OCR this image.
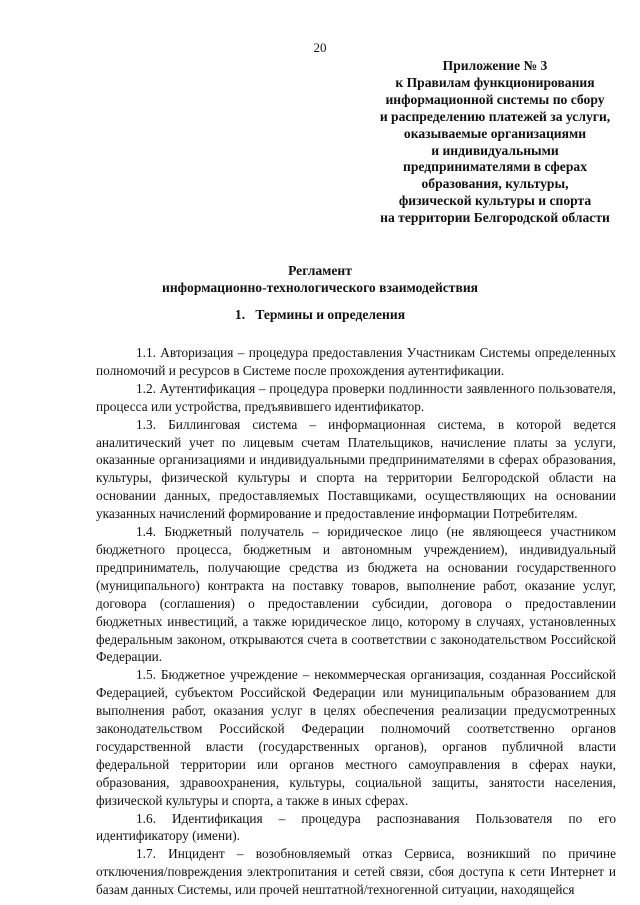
20
Приложение № 3
к Правилам функционирования
информационной системы по сбору
и распределению платежей за услуги,
оказываемые организациями
и индивидуальными
предпринимателями в сферах
образования, культуры,
физической культуры и спорта
на территории Белгородской области
Регламент
информационно-технологического взаимодействия
1. Термины и определения

1.1. Авторизация – процедура предоставления Участникам Системы определенных полномочий и ресурсов в Системе после прохождения аутентификации.

1.2. Аутентификация – процедура проверки подлинности заявленного пользователя, процесса или устройства, предъявившего идентификатор.

1.3. Биллинговая система – информационная система, в которой ведется аналитический учет по лицевым счетам Плательщиков, начисление платы за услуги, оказанные организациями и индивидуальными предпринимателями в сферах образования, культуры, физической культуры и спорта на территории Белгородской области на основании данных, предоставляемых Поставщиками, осуществляющих на основании указанных начислений формирование и предоставление информации Потребителям.

1.4. Бюджетный получатель – юридическое лицо (не являющееся участником бюджетного процесса, бюджетным и автономным учреждением), индивидуальный предприниматель, получающие средства из бюджета на основании государственного (муниципального) контракта на поставку товаров, выполнение работ, оказание услуг, договора (соглашения) о предоставлении субсидии, договора о предоставлении бюджетных инвестиций, а также юридическое лицо, которому в случаях, установленных федеральным законом, открываются счета в соответствии с законодательством Российской Федерации.

1.5. Бюджетное учреждение – некоммерческая организация, созданная Российской Федерацией, субъектом Российской Федерации или муниципальным образованием для выполнения работ, оказания услуг в целях обеспечения реализации предусмотренных законодательством Российской Федерации полномочий соответственно органов государственной власти (государственных органов), органов публичной власти федеральной территории или органов местного самоуправления в сферах науки, образования, здравоохранения, культуры, социальной защиты, занятости населения, физической культуры и спорта, а также в иных сферах.

1.6. Идентификация – процедура распознавания Пользователя по его идентификатору (имени).

1.7. Инцидент – возобновляемый отказ Сервиса, возникший по причине отключения/повреждения электропитания и сетей связи, сбоя доступа к сети Интернет и базам данных Системы, или прочей нештатной/техногенной ситуации, находящейся
